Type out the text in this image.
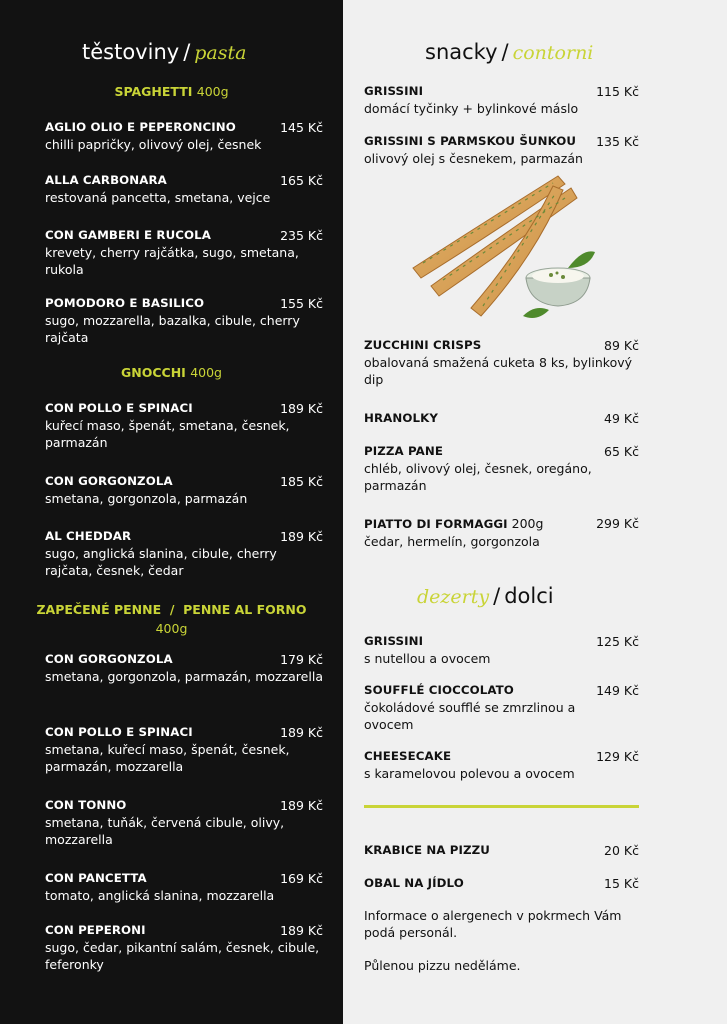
těstoviny / pasta
SPAGHETTI 400g
AGLIO OLIO E PEPERONCINO	145 Kč
chilli papričky, olivový olej, česnek
ALLA CARBONARA	165 Kč
restovaná pancetta, smetana, vejce
CON GAMBERI E RUCOLA	235 Kč
krevety, cherry rajčátka, sugo, smetana, rukola
POMODORO E BASILICO	155 Kč
sugo, mozzarella, bazalka, cibule, cherry rajčata
GNOCCHI 400g
CON POLLO E SPINACI	189 Kč
kuřecí maso, špenát, smetana, česnek, parmazán
CON GORGONZOLA	185 Kč
smetana, gorgonzola, parmazán
AL CHEDDAR	189 Kč
sugo, anglická slanina, cibule, cherry rajčata, česnek, čedar
ZAPEČENÉ PENNE  /  PENNE AL FORNO
400g
CON GORGONZOLA	179 Kč
smetana, gorgonzola, parmazán, mozzarella
CON POLLO E SPINACI	189 Kč
smetana, kuřecí maso, špenát, česnek, parmazán, mozzarella
CON TONNO	189 Kč
smetana, tuňák, červená cibule, olivy, mozzarella
CON PANCETTA	169 Kč
tomato, anglická slanina, mozzarella
CON PEPERONI	189 Kč
sugo, čedar, pikantní salám, česnek, cibule, feferonky
snacky / contorni
GRISSINI	115 Kč
domácí tyčinky + bylinkové máslo
GRISSINI S PARMSKOU ŠUNKOU	135 Kč
olivový olej s česnekem, parmazán
ZUCCHINI CRISPS	89 Kč
obalovaná smažená cuketa 8 ks, bylinkový dip
HRANOLKY	49 Kč
PIZZA PANE	65 Kč
chléb, olivový olej, česnek, oregáno, parmazán
PIATTO DI FORMAGGI 200g	299 Kč
čedar, hermelín, gorgonzola
dezerty / dolci
GRISSINI	125 Kč
s nutellou a ovocem
SOUFFLÉ CIOCCOLATO	149 Kč
čokoládové soufflé se zmrzlinou a ovocem
CHEESECAKE	129 Kč
s karamelovou polevou a ovocem
KRABICE NA PIZZU	20 Kč
OBAL NA JÍDLO	15 Kč
Informace o alergenech v pokrmech Vám podá personál.
Půlenou pizzu neděláme.
